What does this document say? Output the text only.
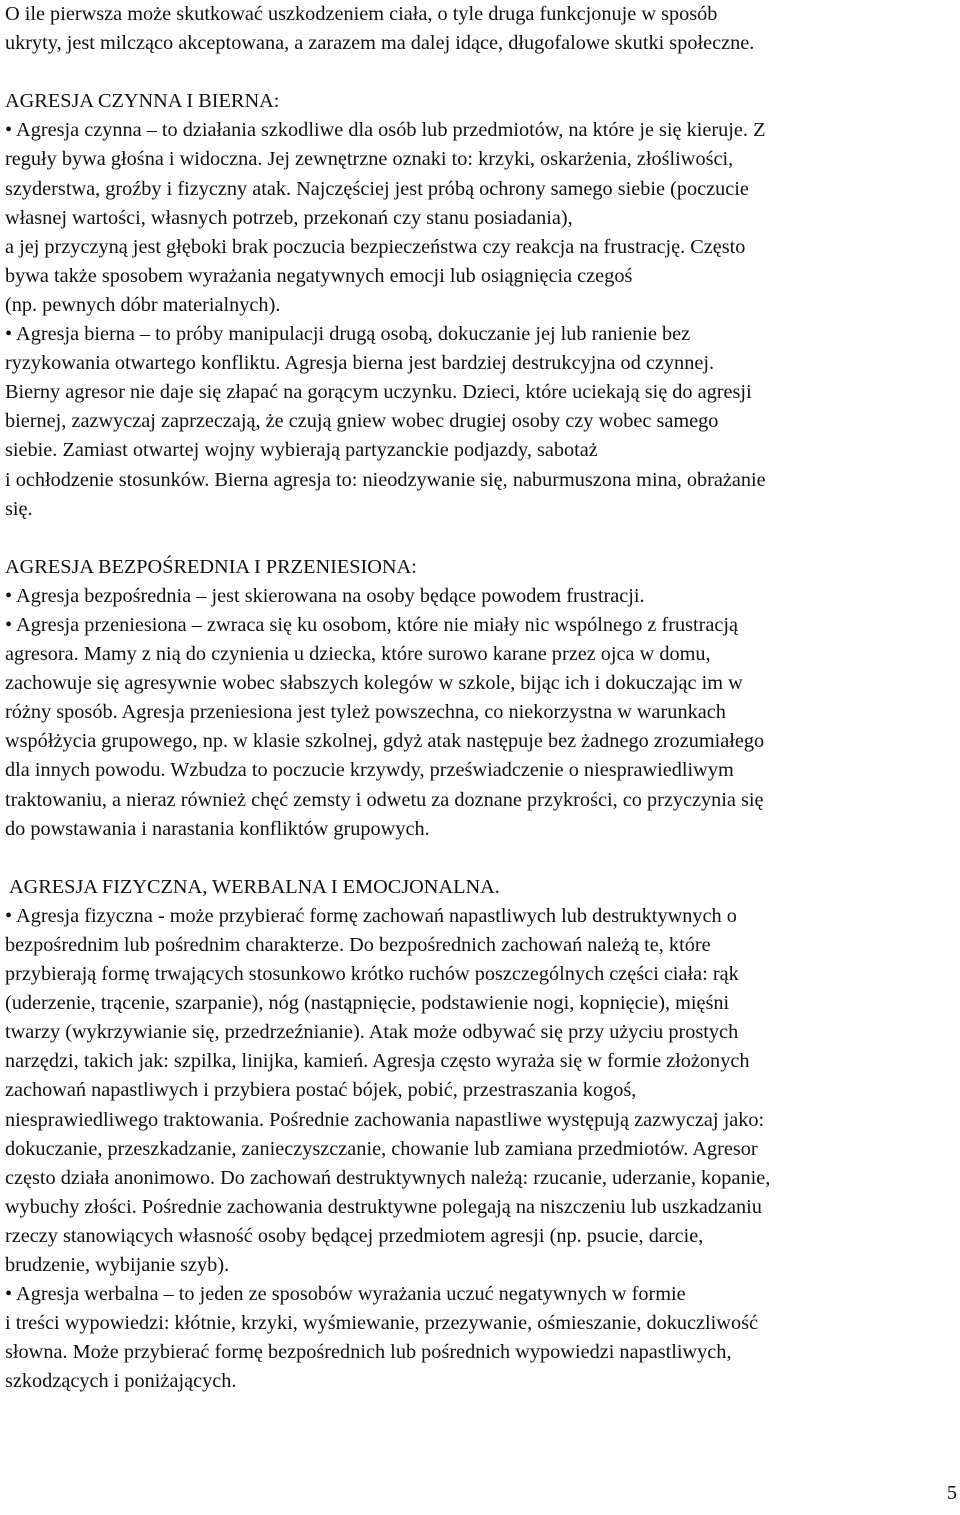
O ile pierwsza może skutkować uszkodzeniem ciała, o tyle druga funkcjonuje w sposób
ukryty, jest milcząco akceptowana, a zarazem ma dalej idące, długofalowe skutki społeczne.
AGRESJA CZYNNA I BIERNA:
• Agresja czynna – to działania szkodliwe dla osób lub przedmiotów, na które je się kieruje. Z
reguły bywa głośna i widoczna. Jej zewnętrzne oznaki to: krzyki, oskarżenia, złośliwości,
szyderstwa, groźby i fizyczny atak. Najczęściej jest próbą ochrony samego siebie (poczucie
własnej wartości, własnych potrzeb, przekonań czy stanu posiadania),
a jej przyczyną jest głęboki brak poczucia bezpieczeństwa czy reakcja na frustrację. Często
bywa także sposobem wyrażania negatywnych emocji lub osiągnięcia czegoś
(np. pewnych dóbr materialnych).
• Agresja bierna – to próby manipulacji drugą osobą, dokuczanie jej lub ranienie bez
ryzykowania otwartego konfliktu. Agresja bierna jest bardziej destrukcyjna od czynnej.
Bierny agresor nie daje się złapać na gorącym uczynku. Dzieci, które uciekają się do agresji
biernej, zazwyczaj zaprzeczają, że czują gniew wobec drugiej osoby czy wobec samego
siebie. Zamiast otwartej wojny wybierają partyzanckie podjazdy, sabotaż
i ochłodzenie stosunków. Bierna agresja to: nieodzywanie się, naburmuszona mina, obrażanie
się.
AGRESJA BEZPOŚREDNIA I PRZENIESIONA:
• Agresja bezpośrednia – jest skierowana na osoby będące powodem frustracji.
• Agresja przeniesiona – zwraca się ku osobom, które nie miały nic wspólnego z frustracją
agresora. Mamy z nią do czynienia u dziecka, które surowo karane przez ojca w domu,
zachowuje się agresywnie wobec słabszych kolegów w szkole, bijąc ich i dokuczając im w
różny sposób. Agresja przeniesiona jest tyleż powszechna, co niekorzystna w warunkach
współżycia grupowego, np. w klasie szkolnej, gdyż atak następuje bez żadnego zrozumiałego
dla innych powodu. Wzbudza to poczucie krzywdy, przeświadczenie o niesprawiedliwym
traktowaniu, a nieraz również chęć zemsty i odwetu za doznane przykrości, co przyczynia się
do powstawania i narastania konfliktów grupowych.
AGRESJA FIZYCZNA, WERBALNA I EMOCJONALNA.
• Agresja fizyczna - może przybierać formę zachowań napastliwych lub destruktywnych o
bezpośrednim lub pośrednim charakterze. Do bezpośrednich zachowań należą te, które
przybierają formę trwających stosunkowo krótko ruchów poszczególnych części ciała: rąk
(uderzenie, trącenie, szarpanie), nóg (nastąpnięcie, podstawienie nogi, kopnięcie), mięśni
twarzy (wykrzywianie się, przedrzeźnianie). Atak może odbywać się przy użyciu prostych
narzędzi, takich jak: szpilka, linijka, kamień. Agresja często wyraża się w formie złożonych
zachowań napastliwych i przybiera postać bójek, pobić, przestraszania kogoś,
niesprawiedliwego traktowania. Pośrednie zachowania napastliwe występują zazwyczaj jako:
dokuczanie, przeszkadzanie, zanieczyszczanie, chowanie lub zamiana przedmiotów. Agresor
często działa anonimowo. Do zachowań destruktywnych należą: rzucanie, uderzanie, kopanie,
wybuchy złości. Pośrednie zachowania destruktywne polegają na niszczeniu lub uszkadzaniu
rzeczy stanowiących własność osoby będącej przedmiotem agresji (np. psucie, darcie,
brudzenie, wybijanie szyb).
• Agresja werbalna – to jeden ze sposobów wyrażania uczuć negatywnych w formie
i treści wypowiedzi: kłótnie, krzyki, wyśmiewanie, przezywanie, ośmieszanie, dokuczliwość
słowna. Może przybierać formę bezpośrednich lub pośrednich wypowiedzi napastliwych,
szkodzących i poniżających.
5
